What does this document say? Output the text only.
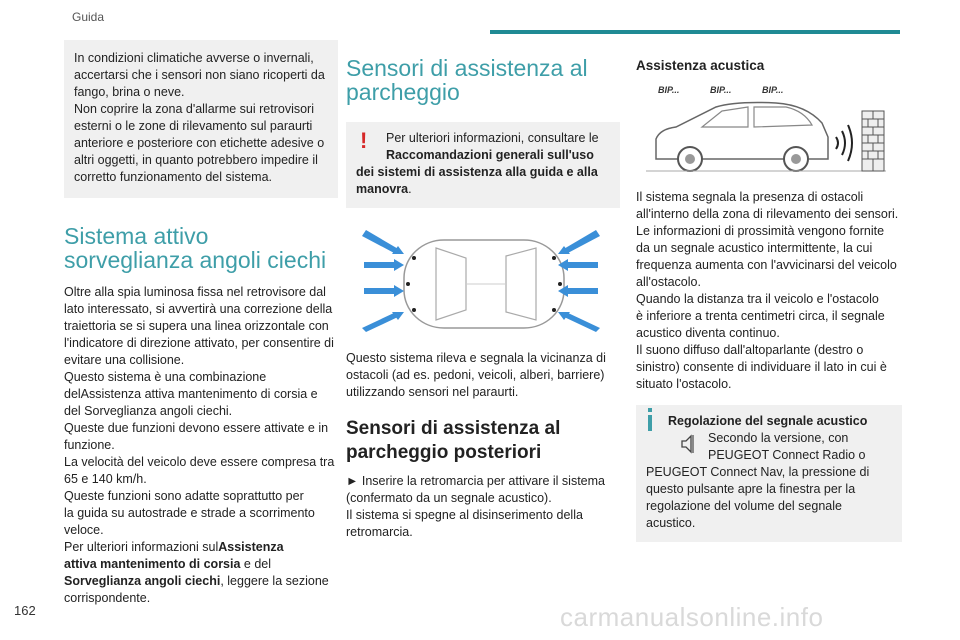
Guida
In condizioni climatiche avverse o invernali,
accertarsi che i sensori non siano ricoperti da
fango, brina o neve.
Non coprire la zona d'allarme sui retrovisori
esterni o le zone di rilevamento sul paraurti
anteriore e posteriore con etichette adesive o
altri oggetti, in quanto potrebbero impedire il
corretto funzionamento del sistema.
Sistema attivo
sorveglianza angoli ciechi
Oltre alla spia luminosa fissa nel retrovisore dal
lato interessato, si avvertirà una correzione della
traiettoria se si supera una linea orizzontale con
l'indicatore di direzione attivato, per consentire di
evitare una collisione.
Questo sistema è una combinazione
delAssistenza attiva mantenimento di corsia e
del Sorveglianza angoli ciechi.
Queste due funzioni devono essere attivate e in
funzione.
La velocità del veicolo deve essere compresa tra
65 e 140 km/h.
Queste funzioni sono adatte soprattutto per
la guida su autostrade e strade a scorrimento
veloce.
Per ulteriori informazioni sulAssistenza
attiva mantenimento di corsia e del
Sorveglianza angoli ciechi, leggere la sezione
corrispondente.
Sensori di assistenza al
parcheggio
!	Per ulteriori informazioni, consultare le
Raccomandazioni generali sull'uso
dei sistemi di assistenza alla guida e alla
manovra.
Questo sistema rileva e segnala la vicinanza di
ostacoli (ad es. pedoni, veicoli, alberi, barriere)
utilizzando sensori nel paraurti.
Sensori di assistenza al
parcheggio posteriori
► Inserire la retromarcia per attivare il sistema
(confermato da un segnale acustico).
Il sistema si spegne al disinserimento della
retromarcia.
Assistenza acustica
BIP...	BIP...	BIP...
Il sistema segnala la presenza di ostacoli
all'interno della zona di rilevamento dei sensori.
Le informazioni di prossimità vengono fornite
da un segnale acustico intermittente, la cui
frequenza aumenta con l'avvicinarsi del veicolo
all'ostacolo.
Quando la distanza tra il veicolo e l'ostacolo
è inferiore a trenta centimetri circa, il segnale
acustico diventa continuo.
Il suono diffuso dall'altoparlante (destro o
sinistro) consente di individuare il lato in cui è
situato l'ostacolo.
Regolazione del segnale acustico
Secondo la versione, con
PEUGEOT Connect Radio o
PEUGEOT Connect Nav, la pressione di
questo pulsante apre la finestra per la
regolazione del volume del segnale acustico.
162	carmanualsonline.info
